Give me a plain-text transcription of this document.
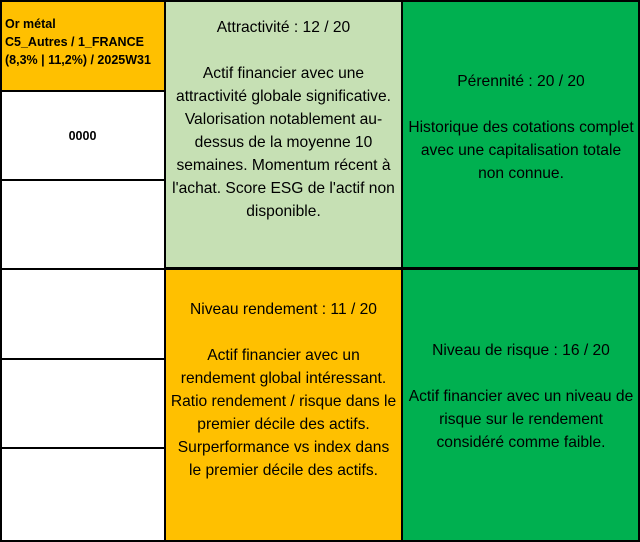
Or métal
C5_Autres / 1_FRANCE
(8,3% | 11,2%) / 2025W31
0000
Attractivité : 12 / 20
Actif financier avec une attractivité globale significative. Valorisation notablement au-dessus de la moyenne 10 semaines. Momentum récent à l'achat. Score ESG de l'actif non disponible.
Pérennité : 20 / 20
Historique des cotations complet avec une capitalisation totale non connue.
Niveau rendement : 11 / 20
Actif financier avec un rendement global intéressant. Ratio rendement / risque dans le premier décile des actifs. Surperformance vs index dans le premier décile des actifs.
Niveau de risque : 16 / 20
Actif financier avec un niveau de risque sur le rendement considéré comme faible.
